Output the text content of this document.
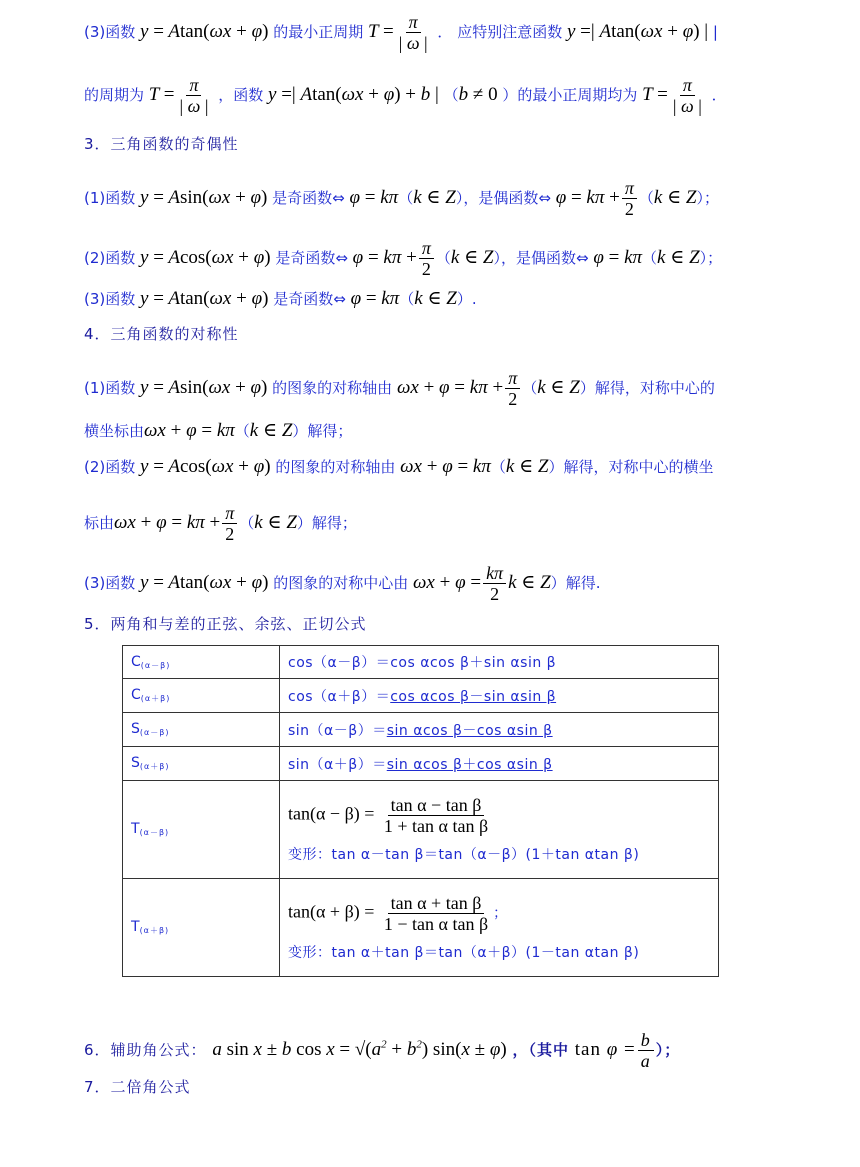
(3)函数 y = Atan(ωx + φ) 的最小正周期 $T = \frac{\pi}{| \omega |}$ ． 应特别注意函数 y =| Atan(ωx + φ) | |
的周期为 $T = \frac{\pi}{| \omega |}$ ，函数 y =| Atan(ωx + φ) + b | （b ≠ 0 ）的最小正周期均为 $T = \frac{\pi}{| \omega |}$ ．
3．三角函数的奇偶性
(1)函数 y = Asin(ωx + φ) 是奇函数⇔ φ = kπ（k ∈ Z），是偶函数⇔ $\varphi = k\pi + \frac{\pi}{2} (k$ ∈ Z）；
(2)函数 y = Acos(ωx + φ) 是奇函数⇔ $\varphi = k\pi + \frac{\pi}{2} (k$ ∈ Z），是偶函数⇔ φ = kπ（k ∈ Z）；
(3)函数 y = Atan(ωx + φ) 是奇函数⇔ φ = kπ（k ∈ Z）.
4．三角函数的对称性
(1)函数 y = Asin(ωx + φ) 的图象的对称轴由 $\omega x + \varphi = k\pi + \frac{\pi}{2} (k$ ∈ Z）解得，对称中心的
横坐标由ωx + φ = kπ（k ∈ Z）解得；
(2)函数 y = Acos(ωx + φ) 的图象的对称轴由 ωx + φ = kπ（k ∈ Z）解得，对称中心的横坐
标由$\omega x + \varphi = k\pi + \frac{\pi}{2} (k$ ∈ Z）解得；
(3)函数 y = Atan(ωx + φ) 的图象的对称中心由 $\omega x + \varphi = \frac{k\pi}{2}$ k ∈ Z）解得.
5．两角和与差的正弦、余弦、正切公式
$C_{(\alpha-\beta)}$	cos（α－β）＝cos αcos β＋sin αsin β
$C_{(\alpha+\beta)}$	cos（α＋β）＝cos αcos β－sin αsin β
$S_{(\alpha-\beta)}$	sin（α－β）＝sin αcos β－cos αsin β
$S_{(\alpha+\beta)}$	sin（α＋β）＝sin αcos β＋cos αsin β
$T_{(\alpha-\beta)}$	$\tan(\alpha - \beta) = \frac{\text{tan α − tan β}}{\text{1 + tan α tan β}}$
变形：tan α－tan β＝tan（α－β）(1＋tan αtan β)

$T_{(\alpha+\beta)}$	$\tan(\alpha + \beta) = \frac{\text{tan α + tan β}}{\text{1 − tan α tan β}}$ ；
变形：tan α＋tan β＝tan（α＋β）(1－tan αtan β)
6．辅助角公式： a sin x ± b $\cos x = √(a^2 + b^2) \sin(x \pm \varphi)$ ，（其中 $\tan \varphi = \frac{b}{a}$ ）；
7．二倍角公式
